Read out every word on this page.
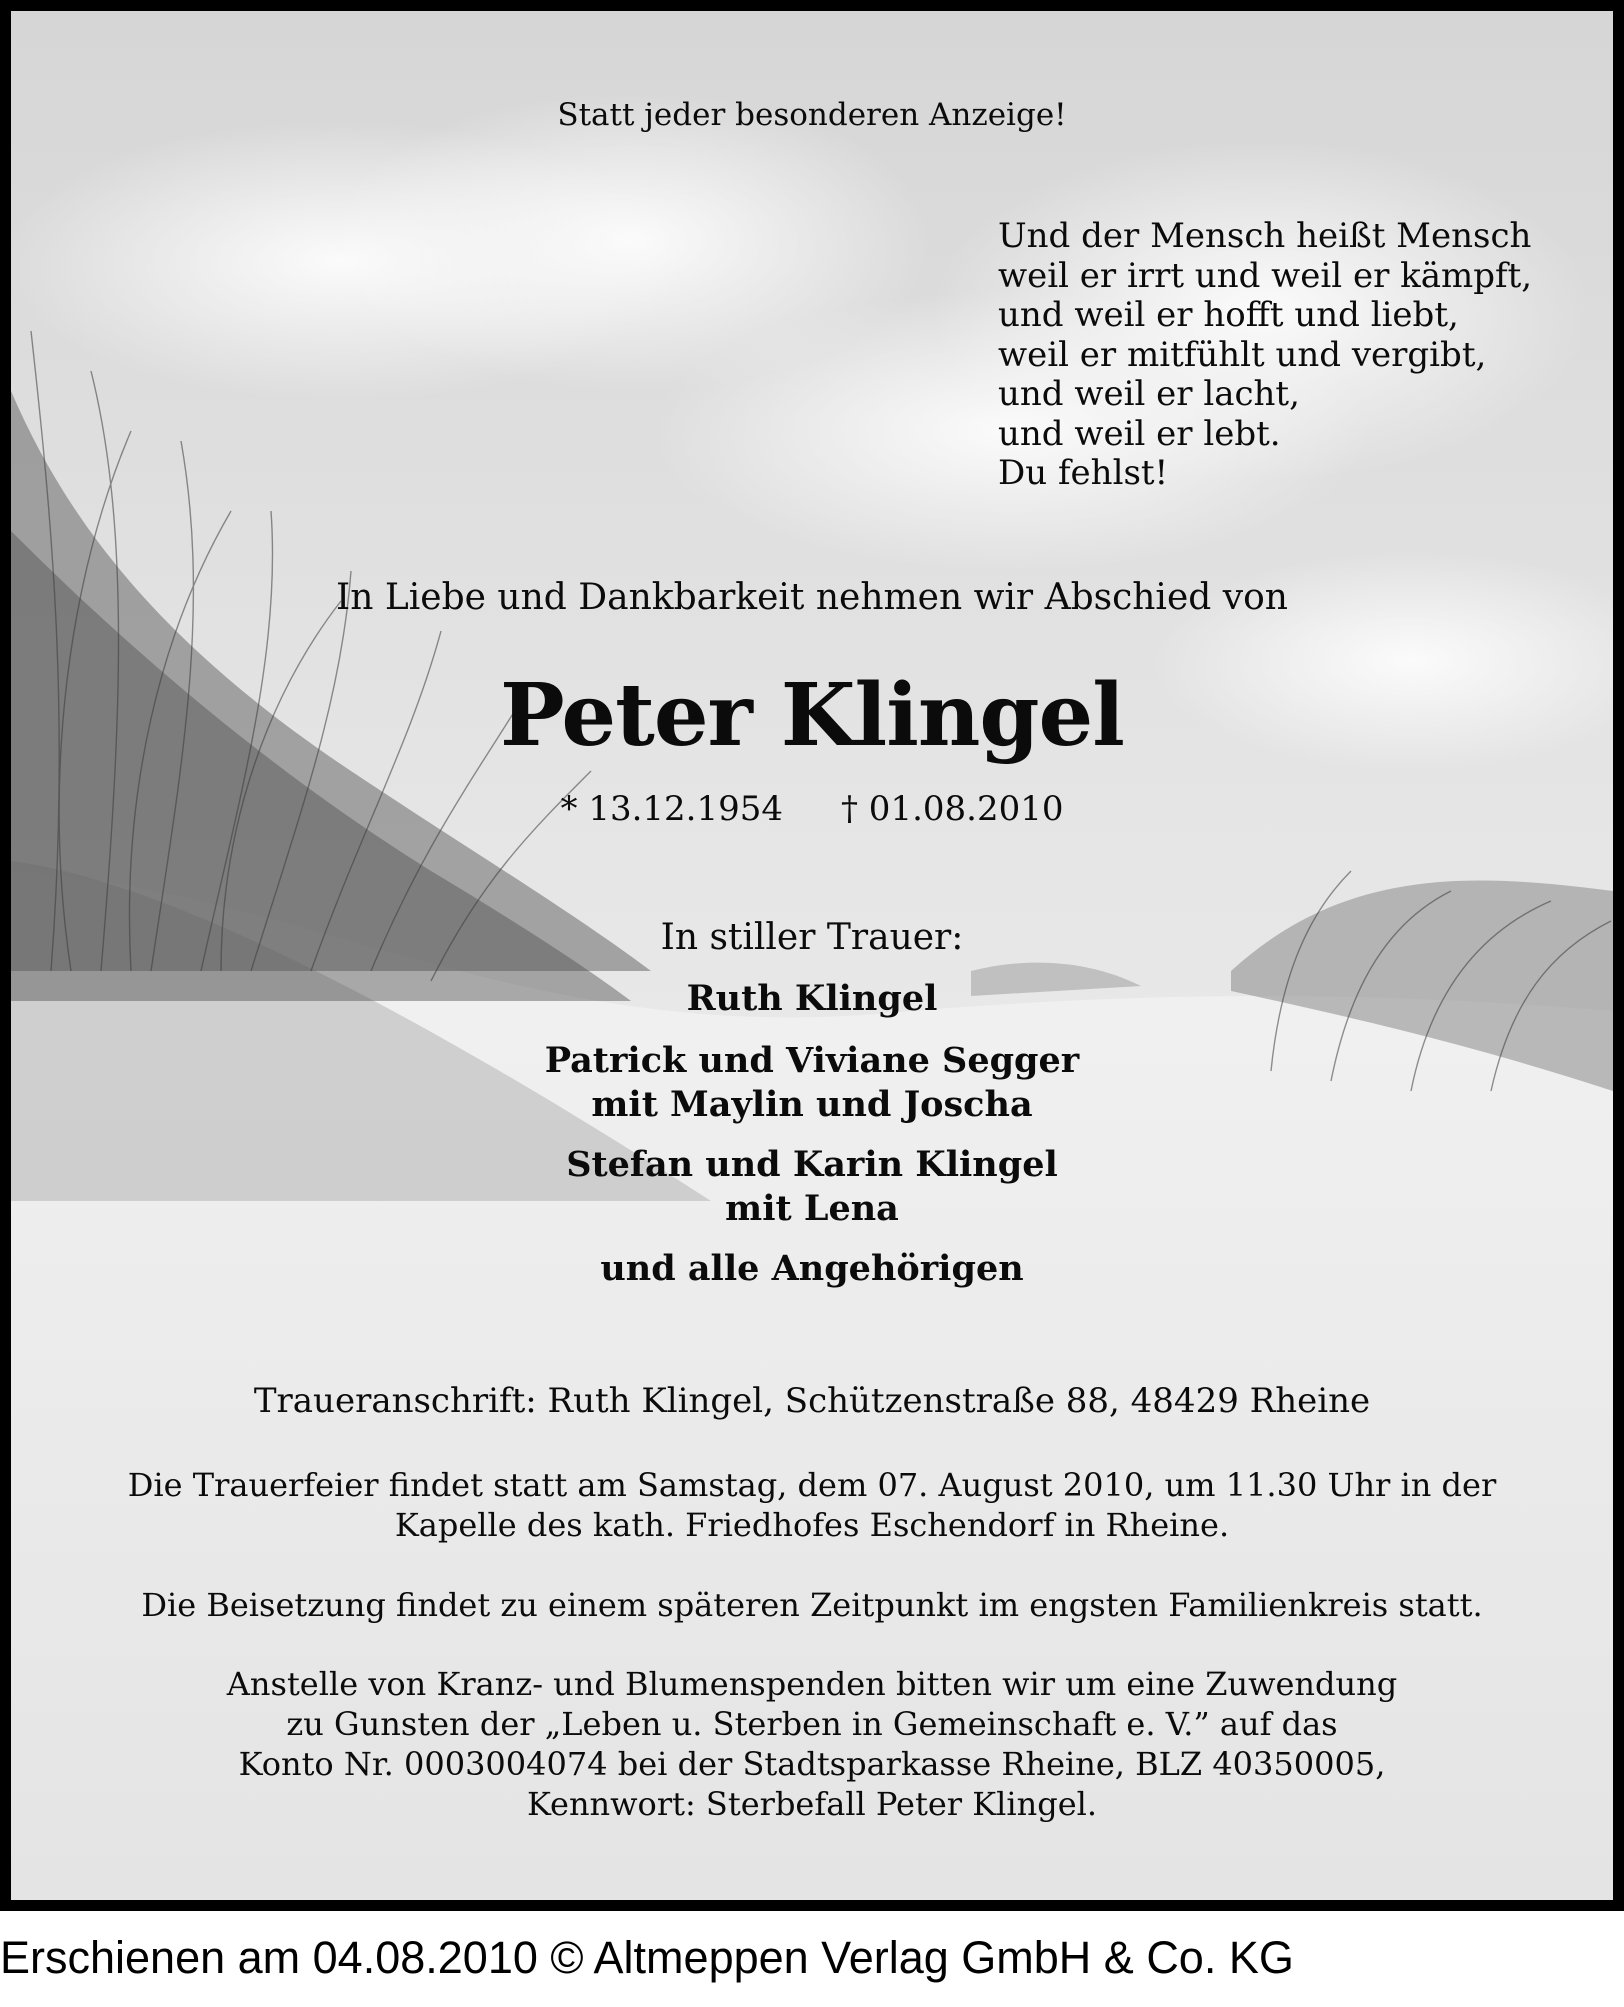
Statt jeder besonderen Anzeige!
Und der Mensch heißt Mensch
weil er irrt und weil er kämpft,
und weil er hofft und liebt,
weil er mitfühlt und vergibt,
und weil er lacht,
und weil er lebt.
Du fehlst!
In Liebe und Dankbarkeit nehmen wir Abschied von
Peter Klingel
* 13.12.1954 † 01.08.2010
In stiller Trauer:
Ruth Klingel
Patrick und Viviane Segger
mit Maylin und Joscha
Stefan und Karin Klingel
mit Lena
und alle Angehörigen
Traueranschrift: Ruth Klingel, Schützenstraße 88, 48429 Rheine
Die Trauerfeier findet statt am Samstag, dem 07. August 2010, um 11.30 Uhr in der
Kapelle des kath. Friedhofes Eschendorf in Rheine.
Die Beisetzung findet zu einem späteren Zeitpunkt im engsten Familienkreis statt.
Anstelle von Kranz- und Blumenspenden bitten wir um eine Zuwendung
zu Gunsten der „Leben u. Sterben in Gemeinschaft e. V.” auf das
Konto Nr. 0003004074 bei der Stadtsparkasse Rheine, BLZ 40350005,
Kennwort: Sterbefall Peter Klingel.
Erschienen am 04.08.2010 © Altmeppen Verlag GmbH & Co. KG
